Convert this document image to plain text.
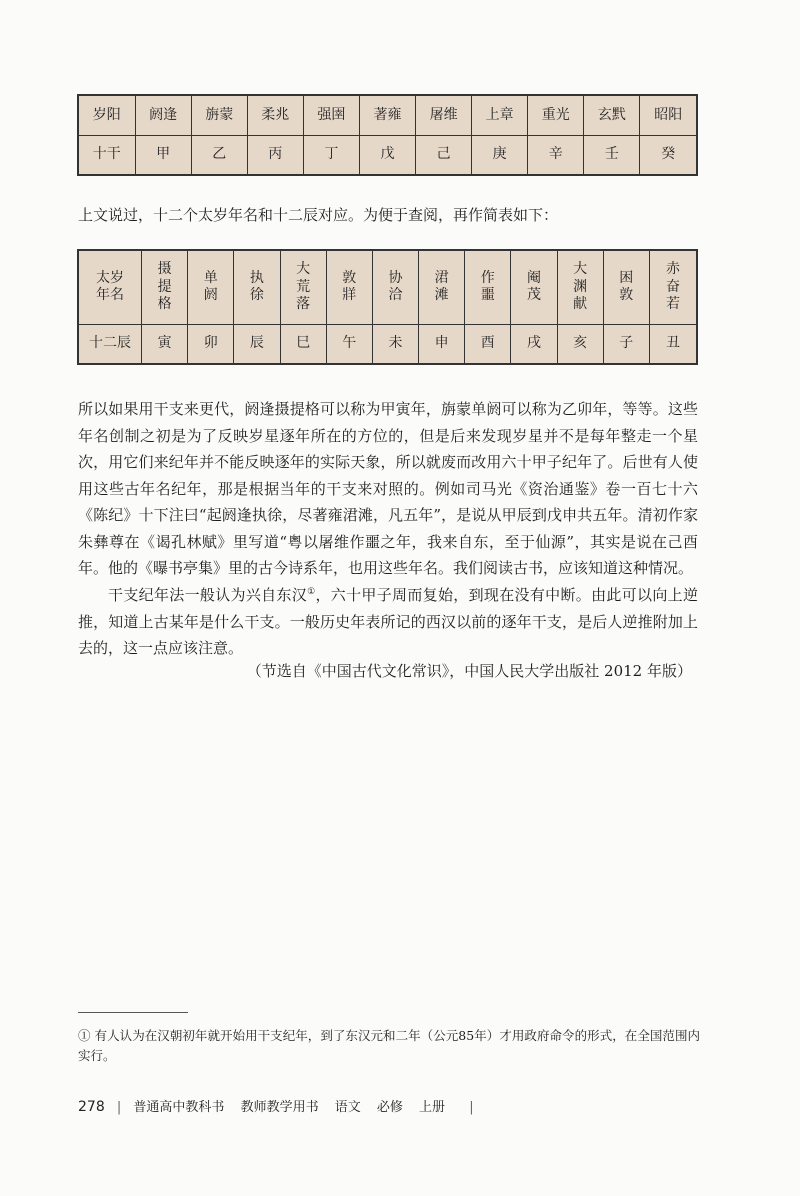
岁阳	阏逢	旃蒙	柔兆	强圉	著雍	屠维	上章	重光	玄黓	昭阳
十干	甲	乙	丙	丁	戊	己	庚	辛	壬	癸

上文说过，十二个太岁年名和十二辰对应。为便于查阅，再作简表如下：

太岁年名	摄提格	单阏	执徐	大荒落	敦牂	协洽	涒滩	作噩	阉茂	大渊献	困敦	赤奋若
十二辰	寅	卯	辰	巳	午	未	申	酉	戌	亥	子	丑

所以如果用干支来更代，阏逢摄提格可以称为甲寅年，旃蒙单阏可以称为乙卯年，等等。这些年名创制之初是为了反映岁星逐年所在的方位的，但是后来发现岁星并不是每年整走一个星次，用它们来纪年并不能反映逐年的实际天象，所以就废而改用六十甲子纪年了。后世有人使用这些古年名纪年，那是根据当年的干支来对照的。例如司马光《资治通鉴》卷一百七十六《陈纪》十下注曰“起阏逢执徐，尽著雍涒滩，凡五年”，是说从甲辰到戊申共五年。清初作家朱彝尊在《谒孔林赋》里写道“粤以屠维作噩之年，我来自东，至于仙源”，其实是说在己酉年。他的《曝书亭集》里的古今诗系年，也用这些年名。我们阅读古书，应该知道这种情况。

干支纪年法一般认为兴自东汉①，六十甲子周而复始，到现在没有中断。由此可以向上逆推，知道上古某年是什么干支。一般历史年表所记的西汉以前的逐年干支，是后人逆推附加上去的，这一点应该注意。

（节选自《中国古代文化常识》，中国人民大学出版社 2012 年版）

① 有人认为在汉朝初年就开始用干支纪年，到了东汉元和二年（公元85年）才用政府命令的形式，在全国范围内实行。

278 | 普通高中教科书 教师教学用书 语文 必修 上册 |
